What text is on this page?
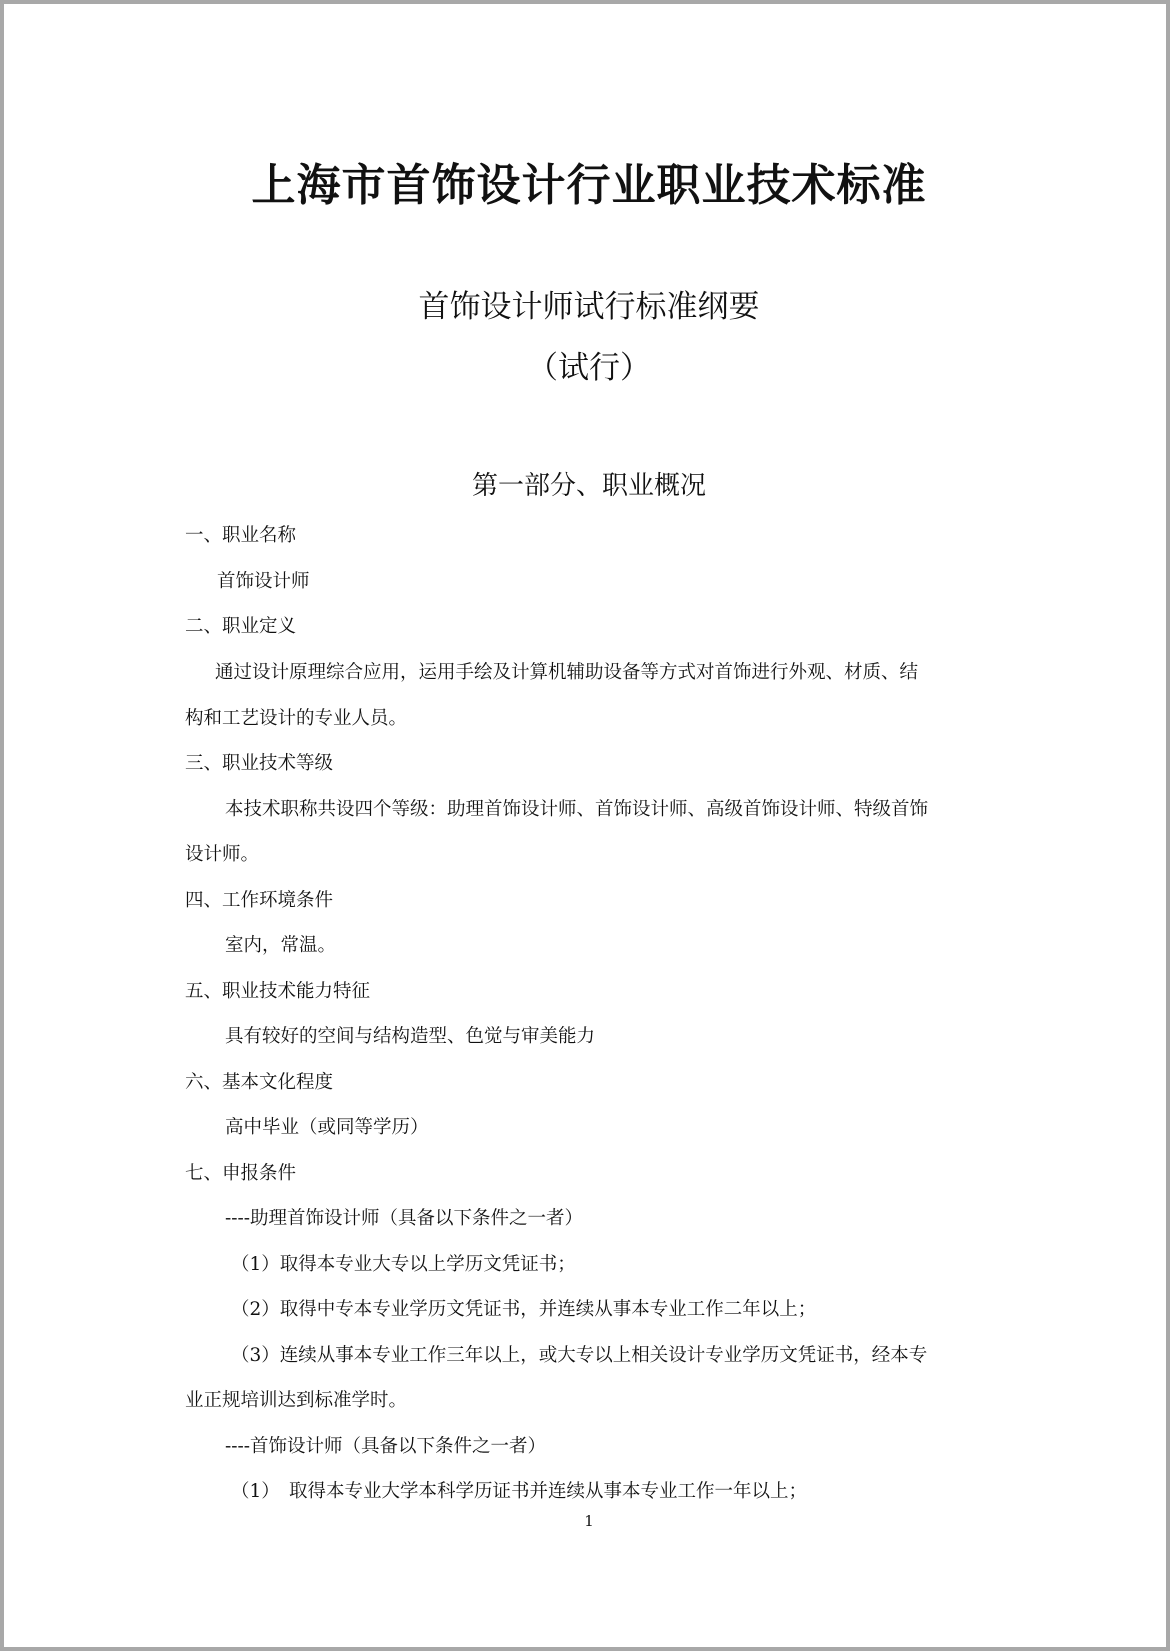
上海市首饰设计行业职业技术标准
首饰设计师试行标准纲要
（试行）
第一部分、职业概况
一、职业名称
首饰设计师
二、职业定义
通过设计原理综合应用，运用手绘及计算机辅助设备等方式对首饰进行外观、材质、结
构和工艺设计的专业人员。
三、职业技术等级
本技术职称共设四个等级：助理首饰设计师、首饰设计师、高级首饰设计师、特级首饰
设计师。
四、工作环境条件
室内，常温。
五、职业技术能力特征
具有较好的空间与结构造型、色觉与审美能力
六、基本文化程度
高中毕业（或同等学历）
七、申报条件
----助理首饰设计师（具备以下条件之一者）
（1）取得本专业大专以上学历文凭证书；
（2）取得中专本专业学历文凭证书，并连续从事本专业工作二年以上；
（3）连续从事本专业工作三年以上，或大专以上相关设计专业学历文凭证书，经本专
业正规培训达到标准学时。
----首饰设计师（具备以下条件之一者）
（1）　取得本专业大学本科学历证书并连续从事本专业工作一年以上；
1
